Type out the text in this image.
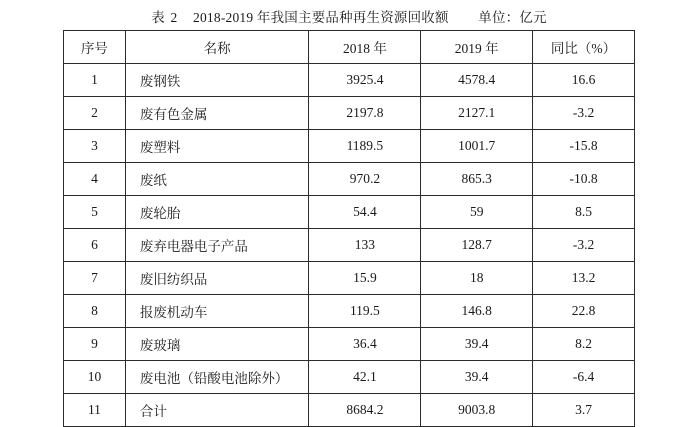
表 2 2018-2019 年我国主要品种再生资源回收额 单位：亿元
序号	名称	2018 年	2019 年	同比（%）
1	废钢铁	3925.4	4578.4	16.6
2	废有色金属	2197.8	2127.1	-3.2
3	废塑料	1189.5	1001.7	-15.8
4	废纸	970.2	865.3	-10.8
5	废轮胎	54.4	59	8.5
6	废弃电器电子产品	133	128.7	-3.2
7	废旧纺织品	15.9	18	13.2
8	报废机动车	119.5	146.8	22.8
9	废玻璃	36.4	39.4	8.2
10	废电池（铅酸电池除外）	42.1	39.4	-6.4
11	合计	8684.2	9003.8	3.7
